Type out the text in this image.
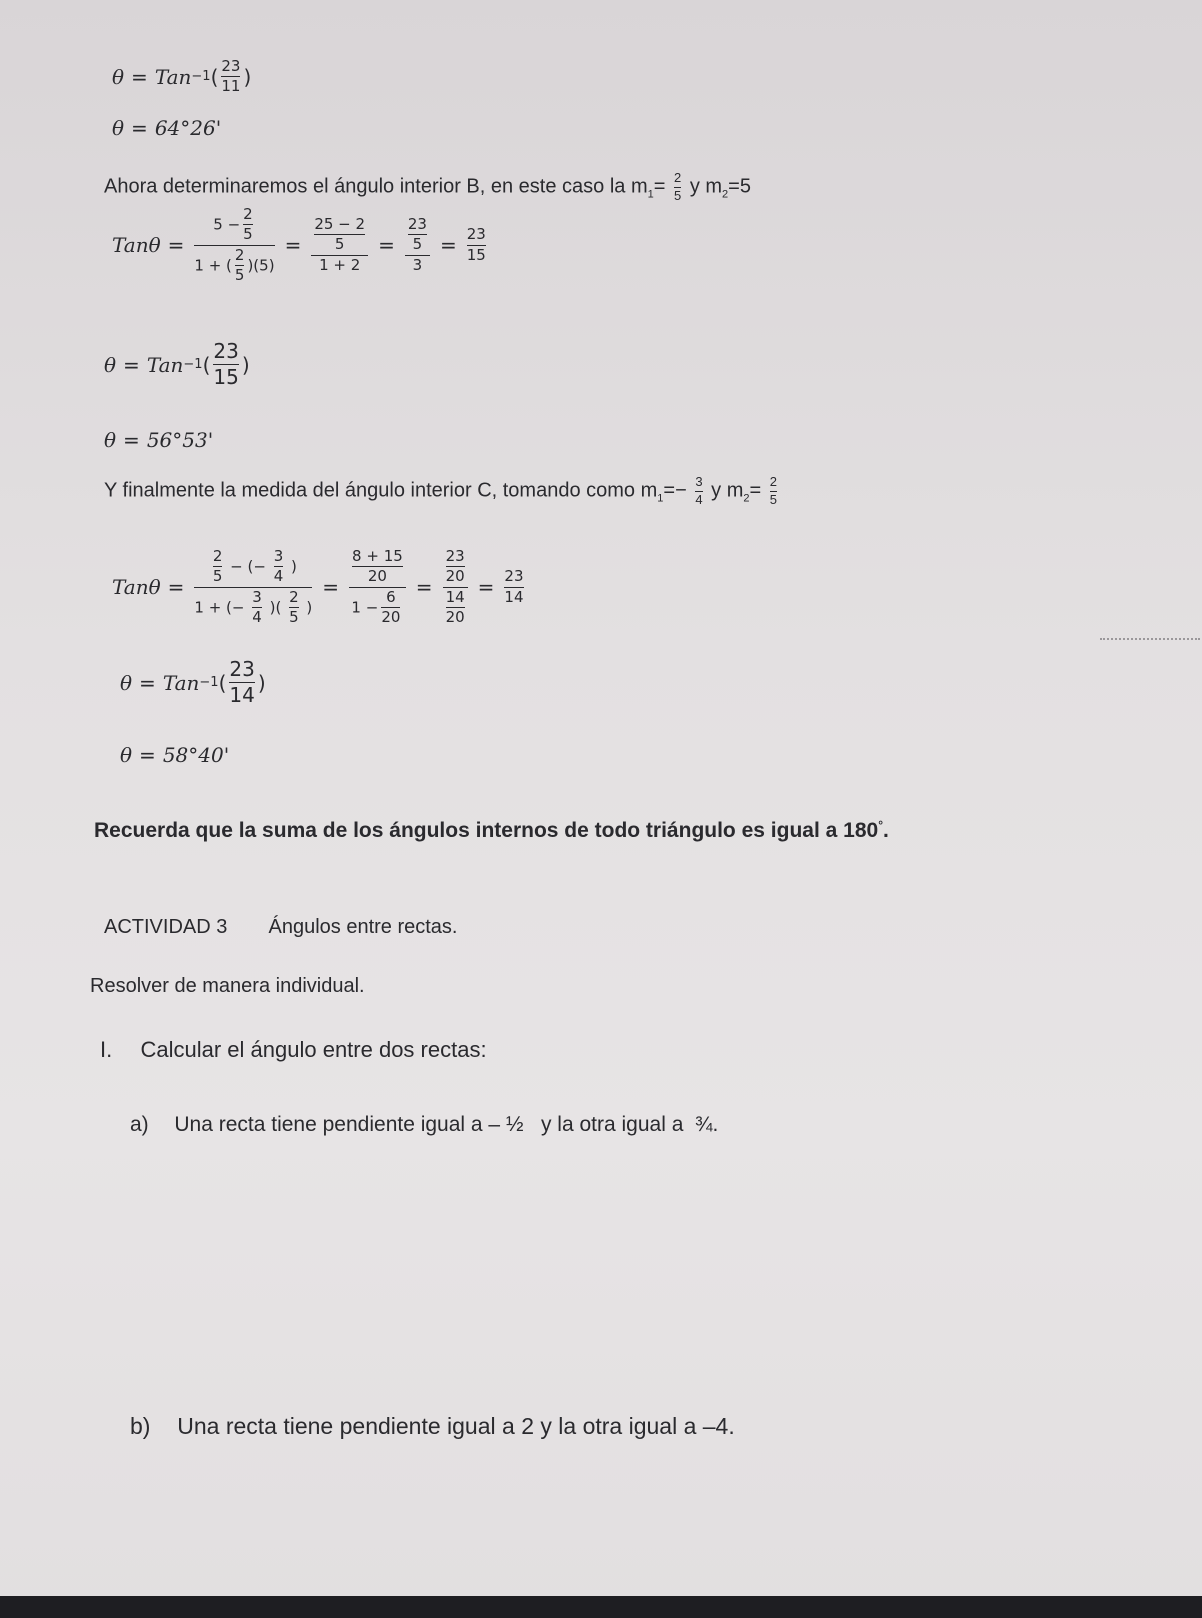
θ = Tan −1 ( $\frac{23}{11}$ )
θ = 64°26'
Ahora determinaremos el ángulo interior B, en este caso la $m_1= \frac{2}{5}$ y $m_2=5$
$Tan\theta = \frac{5 - \frac{2}{5}}{1 + ( \frac{2}{5} )(5)} = \frac{\frac{25 - 2}{5}}{1 + 2} = \frac{\frac{23}{5}}{3} = \frac{23}{15}$
θ = Tan −1 ( $\frac{23}{15}$ )
θ = 56°53'
Y finalmente la medida del ángulo interior C, tomando como $m_1=- \frac{3}{4}$ y $m_2= \frac{2}{5}$
$Tan\theta = \frac{\frac{2}{5} - (- \frac{3}{4} )}{1 + (- \frac{3}{4} )( \frac{2}{5} )} = \frac{\frac{8 + 15}{20}}{1 - \frac{6}{20}} = \frac{\frac{23}{20}}{\frac{14}{20}} = \frac{23}{14}$
θ = Tan −1 ( $\frac{23}{14}$ )
θ = 58°40'
Recuerda que la suma de los ángulos internos de todo triángulo es igual a 180°.
ACTIVIDAD 3 Ángulos entre rectas.
Resolver de manera individual.
I. Calcular el ángulo entre dos rectas:
a) Una recta tiene pendiente igual a – ½   y la otra igual a  ¾.
b) Una recta tiene pendiente igual a 2 y la otra igual a –4.
